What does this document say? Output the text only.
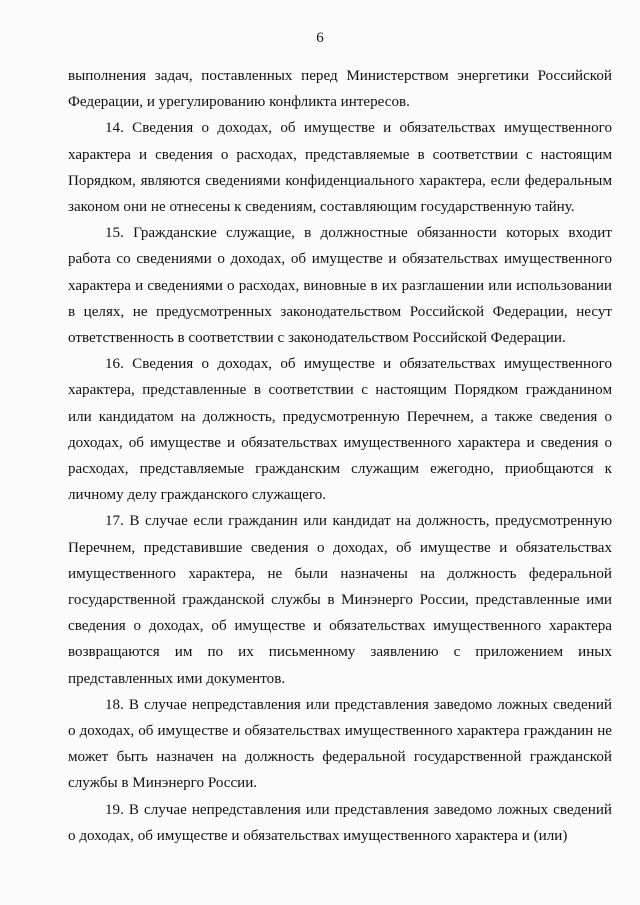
6

выполнения задач, поставленных перед Министерством энергетики Российской Федерации, и урегулированию конфликта интересов.

14. Сведения о доходах, об имуществе и обязательствах имущественного характера и сведения о расходах, представляемые в соответствии с настоящим Порядком, являются сведениями конфиденциального характера, если федеральным законом они не отнесены к сведениям, составляющим государственную тайну.

15. Гражданские служащие, в должностные обязанности которых входит работа со сведениями о доходах, об имуществе и обязательствах имущественного характера и сведениями о расходах, виновные в их разглашении или использовании в целях, не предусмотренных законодательством Российской Федерации, несут ответственность в соответствии с законодательством Российской Федерации.

16. Сведения о доходах, об имуществе и обязательствах имущественного характера, представленные в соответствии с настоящим Порядком гражданином или кандидатом на должность, предусмотренную Перечнем, а также сведения о доходах, об имуществе и обязательствах имущественного характера и сведения о расходах, представляемые гражданским служащим ежегодно, приобщаются к личному делу гражданского служащего.

17. В случае если гражданин или кандидат на должность, предусмотренную Перечнем, представившие сведения о доходах, об имуществе и обязательствах имущественного характера, не были назначены на должность федеральной государственной гражданской службы в Минэнерго России, представленные ими сведения о доходах, об имуществе и обязательствах имущественного характера возвращаются им по их письменному заявлению с приложением иных представленных ими документов.

18. В случае непредставления или представления заведомо ложных сведений о доходах, об имуществе и обязательствах имущественного характера гражданин не может быть назначен на должность федеральной государственной гражданской службы в Минэнерго России.

19. В случае непредставления или представления заведомо ложных сведений о доходах, об имуществе и обязательствах имущественного характера и (или)
